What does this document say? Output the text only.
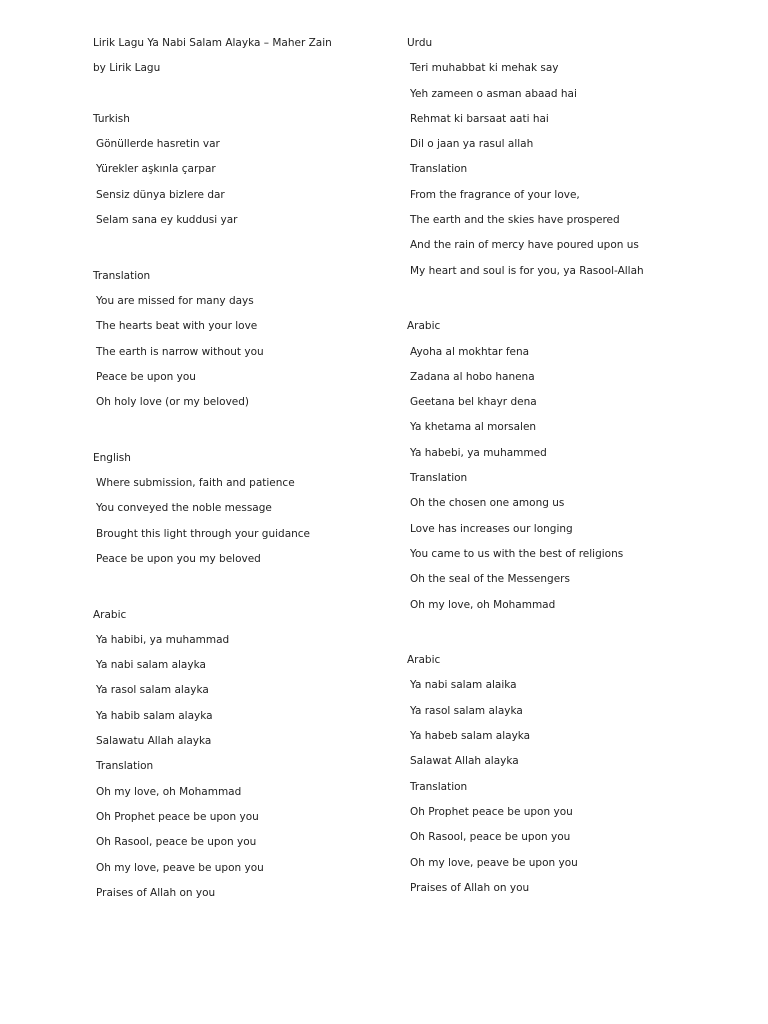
Lirik Lagu Ya Nabi Salam Alayka – Maher Zain
by Lirik Lagu
Turkish
Gönüllerde hasretin var
Yürekler aşkınla çarpar
Sensiz dünya bizlere dar
Selam sana ey kuddusi yar
Translation
You are missed for many days
The hearts beat with your love
The earth is narrow without you
Peace be upon you
Oh holy love (or my beloved)
English
Where submission, faith and patience
You conveyed the noble message
Brought this light through your guidance
Peace be upon you my beloved
Arabic
Ya habibi, ya muhammad
Ya nabi salam alayka
Ya rasol salam alayka
Ya habib salam alayka
Salawatu Allah alayka
Translation
Oh my love, oh Mohammad
Oh Prophet peace be upon you
Oh Rasool, peace be upon you
Oh my love, peave be upon you
Praises of Allah on you
Urdu
Teri muhabbat ki mehak say
Yeh zameen o asman abaad hai
Rehmat ki barsaat aati hai
Dil o jaan ya rasul allah
Translation
From the fragrance of your love,
The earth and the skies have prospered
And the rain of mercy have poured upon us
My heart and soul is for you, ya Rasool-Allah
Arabic
Ayoha al mokhtar fena
Zadana al hobo hanena
Geetana bel khayr dena
Ya khetama al morsalen
Ya habebi, ya muhammed
Translation
Oh the chosen one among us
Love has increases our longing
You came to us with the best of religions
Oh the seal of the Messengers
Oh my love, oh Mohammad
Arabic
Ya nabi salam alaika
Ya rasol salam alayka
Ya habeb salam alayka
Salawat Allah alayka
Translation
Oh Prophet peace be upon you
Oh Rasool, peace be upon you
Oh my love, peave be upon you
Praises of Allah on you
